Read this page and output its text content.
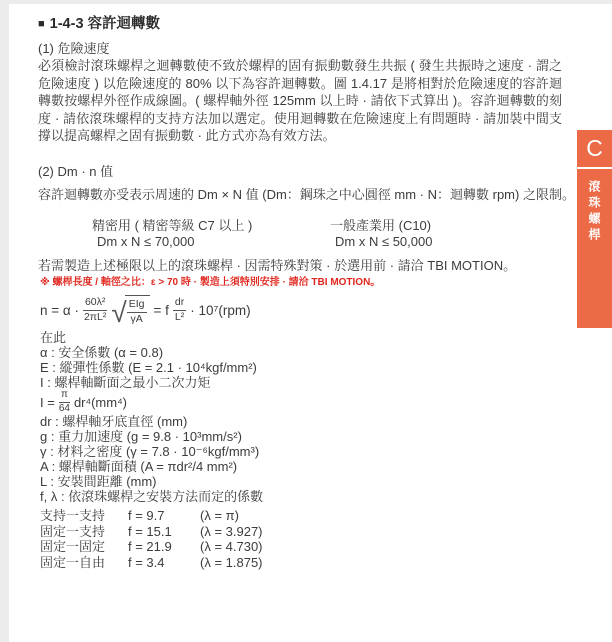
■ 1-4-3 容許迴轉數
(1) 危險速度
必須檢討滾珠螺桿之迴轉數使不致於螺桿的固有振動數發生共振 ( 發生共振時之速度 · 謂之危險速度 ) 以危險速度的 80% 以下為容許迴轉數。圖 1.4.17 是將相對於危險速度的容許迴轉數按螺桿外徑作成線圖。( 螺桿軸外徑 125mm 以上時 · 請依下式算出 )。容許迴轉數的刻度 · 請依滾珠螺桿的支持方法加以選定。使用迴轉數在危險速度上有問題時 · 請加裝中間支撐以提高螺桿之固有振動數 · 此方式亦為有效方法。
(2) Dm · n 值
容許迴轉數亦受表示周速的 Dm × N 值 (Dm：鋼珠之中心圓徑 mm · N：迴轉數 rpm) 之限制。
精密用 ( 精密等級 C7 以上 )
Dm x N ≤ 70,000
一般產業用 (C10)
Dm x N ≤ 50,000
若需製造上述極限以上的滾珠螺桿 · 因需特殊對策 · 於選用前 · 請洽 TBI MOTION。
※ 螺桿長度 / 軸徑之比：ε > 70 時 · 製造上須特別安排 · 請洽 TBI MOTION。
$n = \alpha \cdot \frac{\text{60λ²}}{\text{2πL²}}$ √ $\frac{\text{EIg}}{\gamma A} = f \frac{dr}{\text{L²}} \cdot 10^7(rpm)$
在此
α : 安全係數 (α = 0.8)
E : 縱彈性係數 (E = 2.1 · 10⁴kgf/mm²)
I : 螺桿軸斷面之最小二次力矩
$I = \frac{\pi}{64} dr^4(mm^4)$
dr : 螺桿軸牙底直徑 (mm)
g : 重力加速度 (g = 9.8 · 10³mm/s²)
γ : 材料之密度 (γ = 7.8 · 10⁻⁶kgf/mm³)
A : 螺桿軸斷面積 (A = πdr²/4 mm²)
L : 安裝間距離 (mm)
f, λ : 依滾珠螺桿之安裝方法而定的係數
支持一支持	f = 9.7	(λ = π)
固定一支持	f = 15.1	(λ = 3.927)
固定一固定	f = 21.9	(λ = 4.730)
固定一自由	f = 3.4	(λ = 1.875)
C
滾珠螺桿
